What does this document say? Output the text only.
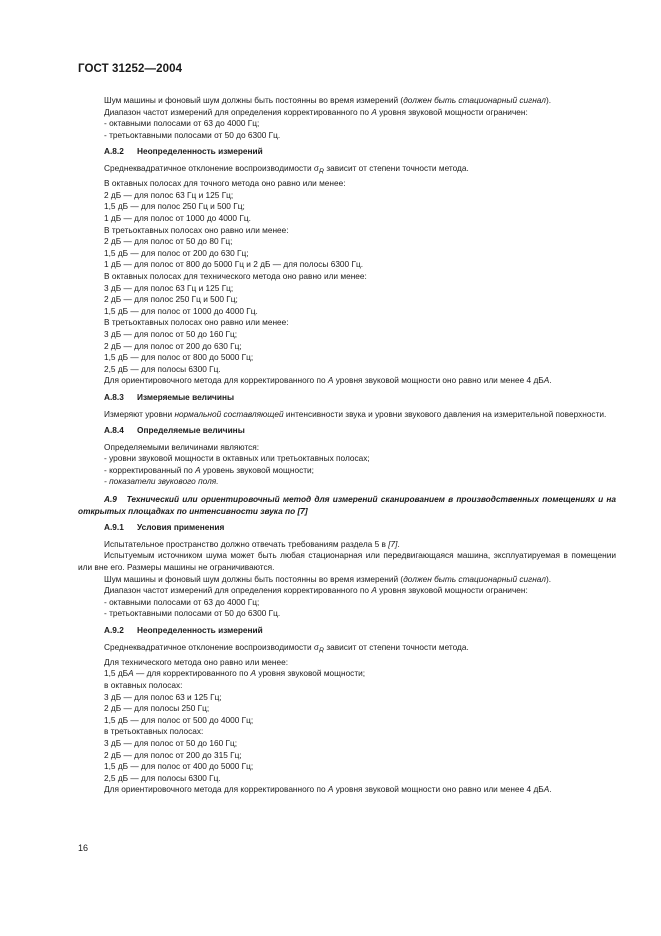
ГОСТ 31252—2004

Шум машины и фоновый шум должны быть постоянны во время измерений (должен быть стационарный сигнал).

Диапазон частот измерений для определения корректированного по А уровня звуковой мощности ограничен:

- октавными полосами от 63 до 4000 Гц;

- третьоктавными полосами от 50 до 6300 Гц.

А.8.2 Неопределенность измерений

Среднеквадратичное отклонение воспроизводимости $\sigma_R$ зависит от степени точности метода.

В октавных полосах для точного метода оно равно или менее:

2 дБ — для полос 63 Гц и 125 Гц;

1,5 дБ — для полос 250 Гц и 500 Гц;

1 дБ — для полос от 1000 до 4000 Гц.

В третьоктавных полосах оно равно или менее:

2 дБ — для полос от 50 до 80 Гц;

1,5 дБ — для полос от 200 до 630 Гц;

1 дБ — для полос от 800 до 5000 Гц и 2 дБ — для полосы 6300 Гц.

В октавных полосах для технического метода оно равно или менее:

3 дБ — для полос 63 Гц и 125 Гц;

2 дБ — для полос 250 Гц и 500 Гц;

1,5 дБ — для полос от 1000 до 4000 Гц.

В третьоктавных полосах оно равно или менее:

3 дБ — для полос от 50 до 160 Гц;

2 дБ — для полос от 200 до 630 Гц;

1,5 дБ — для полос от 800 до 5000 Гц;

2,5 дБ — для полосы 6300 Гц.

Для ориентировочного метода для корректированного по А уровня звуковой мощности оно равно или менее 4 дБА.

А.8.3 Измеряемые величины

Измеряют уровни нормальной составляющей интенсивности звука и уровни звукового давления на измерительной поверхности.

А.8.4 Определяемые величины

Определяемыми величинами являются:

- уровни звуковой мощности в октавных или третьоктавных полосах;

- корректированный по А уровень звуковой мощности;

- показатели звукового поля.

А.9 Технический или ориентировочный метод для измерений сканированием в производственных помещениях и на открытых площадках по интенсивности звука по [7]

А.9.1 Условия применения

Испытательное пространство должно отвечать требованиям раздела 5 в [7].

Испытуемым источником шума может быть любая стационарная или передвигающаяся машина, эксплуатируемая в помещении или вне его. Размеры машины не ограничиваются.

Шум машины и фоновый шум должны быть постоянны во время измерений (должен быть стационарный сигнал).

Диапазон частот измерений для определения корректированного по А уровня звуковой мощности ограничен:

- октавными полосами от 63 до 4000 Гц;

- третьоктавными полосами от 50 до 6300 Гц.

А.9.2 Неопределенность измерений

Среднеквадратичное отклонение воспроизводимости $\sigma_R$ зависит от степени точности метода.

Для технического метода оно равно или менее:

1,5 дБА — для корректированного по А уровня звуковой мощности;

в октавных полосах:

3 дБ — для полос 63 и 125 Гц;

2 дБ — для полосы 250 Гц;

1,5 дБ — для полос от 500 до 4000 Гц;

в третьоктавных полосах:

3 дБ — для полос от 50 до 160 Гц;

2 дБ — для полос от 200 до 315 Гц;

1,5 дБ — для полос от 400 до 5000 Гц;

2,5 дБ — для полосы 6300 Гц.

Для ориентировочного метода для корректированного по А уровня звуковой мощности оно равно или менее 4 дБА.

16
